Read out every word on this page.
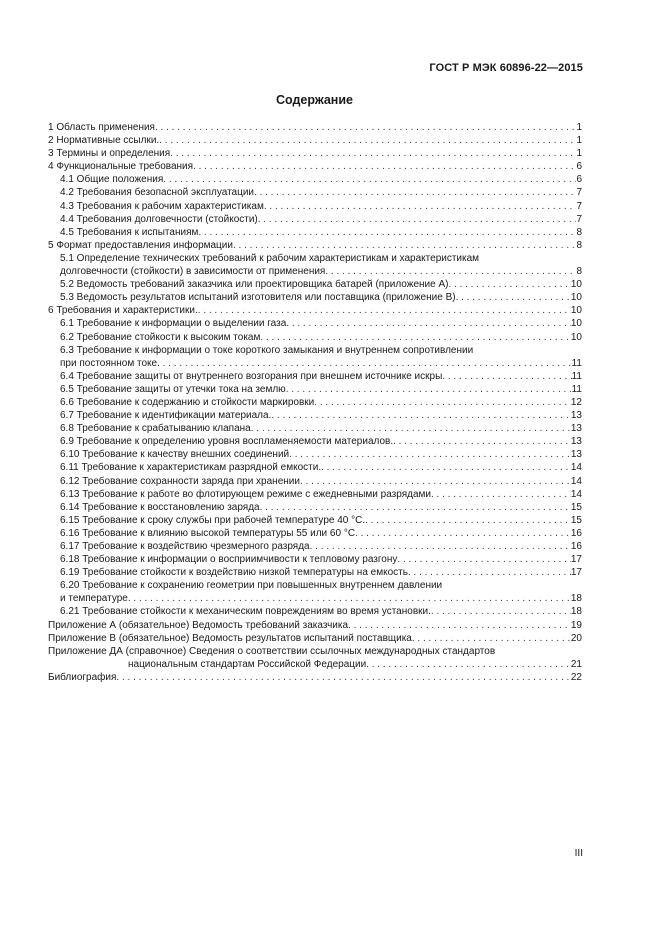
ГОСТ Р МЭК 60896-22—2015
Содержание
1 Область применения . . .	1
2 Нормативные ссылки. . . .	1
3 Термины и определения . . .	1
4 Функциональные требования . . .	6
4.1 Общие положения . . .	6
4.2 Требования безопасной эксплуатации . . .	7
4.3 Требования к рабочим характеристикам . . .	7
4.4 Требования долговечности (стойкости) . . .	7
4.5 Требования к испытаниям . . .	8
5 Формат предоставления информации . . .	8
5.1 Определение технических требований к рабочим характеристикам и характеристикам
долговечности (стойкости) в зависимости от применения . . .	8
5.2 Ведомость требований заказчика или проектировщика батарей (приложение А) . . .	10
5.3 Ведомость результатов испытаний изготовителя или поставщика (приложение В) . . .	10
6 Требования и характеристики. . . .	10
6.1 Требование к информации о выделении газа . . .	10
6.2 Требование стойкости к высоким токам . . .	10
6.3 Требование к информации о токе короткого замыкания и внутреннем сопротивлении
при постоянном токе . . .	11
6.4 Требование защиты от внутреннего возгорания при внешнем источнике искры . . .	11
6.5 Требование защиты от утечки тока на землю . . .	11
6.6 Требование к содержанию и стойкости маркировки . . .	12
6.7 Требование к идентификации материала. . . .	13
6.8 Требование к срабатыванию клапана . . .	13
6.9 Требование к определению уровня воспламеняемости материалов. . . .	13
6.10 Требование к качеству внешних соединений . . .	13
6.11 Требование к характеристикам разрядной емкости. . . .	14
6.12 Требование сохранности заряда при хранении . . .	14
6.13 Требование к работе во флотирующем режиме с ежедневными разрядами . . .	14
6.14 Требование к восстановлению заряда . . .	15
6.15 Требование к сроку службы при рабочей температуре 40 °С. . . .	15
6.16 Требование к влиянию высокой температуры 55 или 60 °С . . .	16
6.17 Требование к воздействию чрезмерного разряда . . .	16
6.18 Требование к информации о восприимчивости к тепловому разгону . . .	17
6.19 Требование стойкости к воздействию низкой температуры на емкость . . .	17
6.20 Требование к сохранению геометрии при повышенных внутреннем давлении
и температуре . . .	18
6.21 Требование стойкости к механическим повреждениям во время установки. . . .	18
Приложение А (обязательное) Ведомость требований заказчика . . .	19
Приложение В (обязательное) Ведомость результатов испытаний поставщика . . .	20
Приложение ДА (справочное) Сведения о соответствии ссылочных международных стандартов
национальным стандартам Российской Федерации . . .	21
Библиография . . .	22
III
